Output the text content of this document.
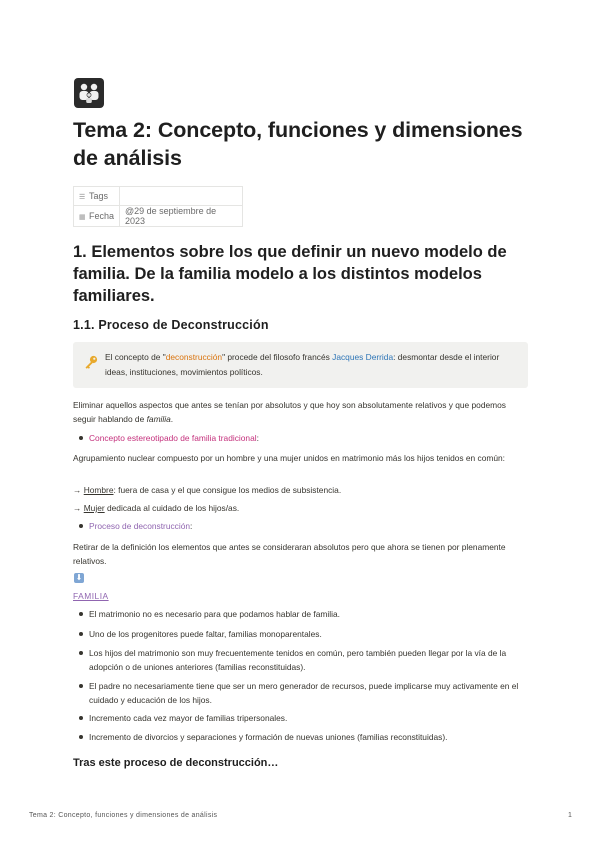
Tema 2: Concepto, funciones y dimensiones de análisis
☰ Tags	
▦ Fecha	@29 de septiembre de 2023
1. Elementos sobre los que definir un nuevo modelo de familia. De la familia modelo a los distintos modelos familiares.
1.1. Proceso de Deconstrucción
El concepto de "deconstrucción" procede del filosofo francés Jacques Derrida: desmontar desde el interior ideas, instituciones, movimientos políticos.
Eliminar aquellos aspectos que antes se tenían por absolutos y que hoy son absolutamente relativos y que podemos seguir hablando de familia.
Concepto estereotipado de familia tradicional:
Agrupamiento nuclear compuesto por un hombre y una mujer unidos en matrimonio más los hijos tenidos en común:
→ Hombre: fuera de casa y el que consigue los medios de subsistencia.
→ Mujer dedicada al cuidado de los hijos/as.
Proceso de deconstrucción:
Retirar de la definición los elementos que antes se consideraran absolutos pero que ahora se tienen por plenamente relativos.
⬇
FAMILIA
El matrimonio no es necesario para que podamos hablar de familia.
Uno de los progenitores puede faltar, familias monoparentales.
Los hijos del matrimonio son muy frecuentemente tenidos en común, pero también pueden llegar por la vía de la adopción o de uniones anteriores (familias reconstituidas).
El padre no necesariamente tiene que ser un mero generador de recursos, puede implicarse muy activamente en el cuidado y educación de los hijos.
Incremento cada vez mayor de familias tripersonales.
Incremento de divorcios y separaciones y formación de nuevas uniones (familias reconstituidas).
Tras este proceso de deconstrucción…
Tema 2: Concepto, funciones y dimensiones de análisis	1
